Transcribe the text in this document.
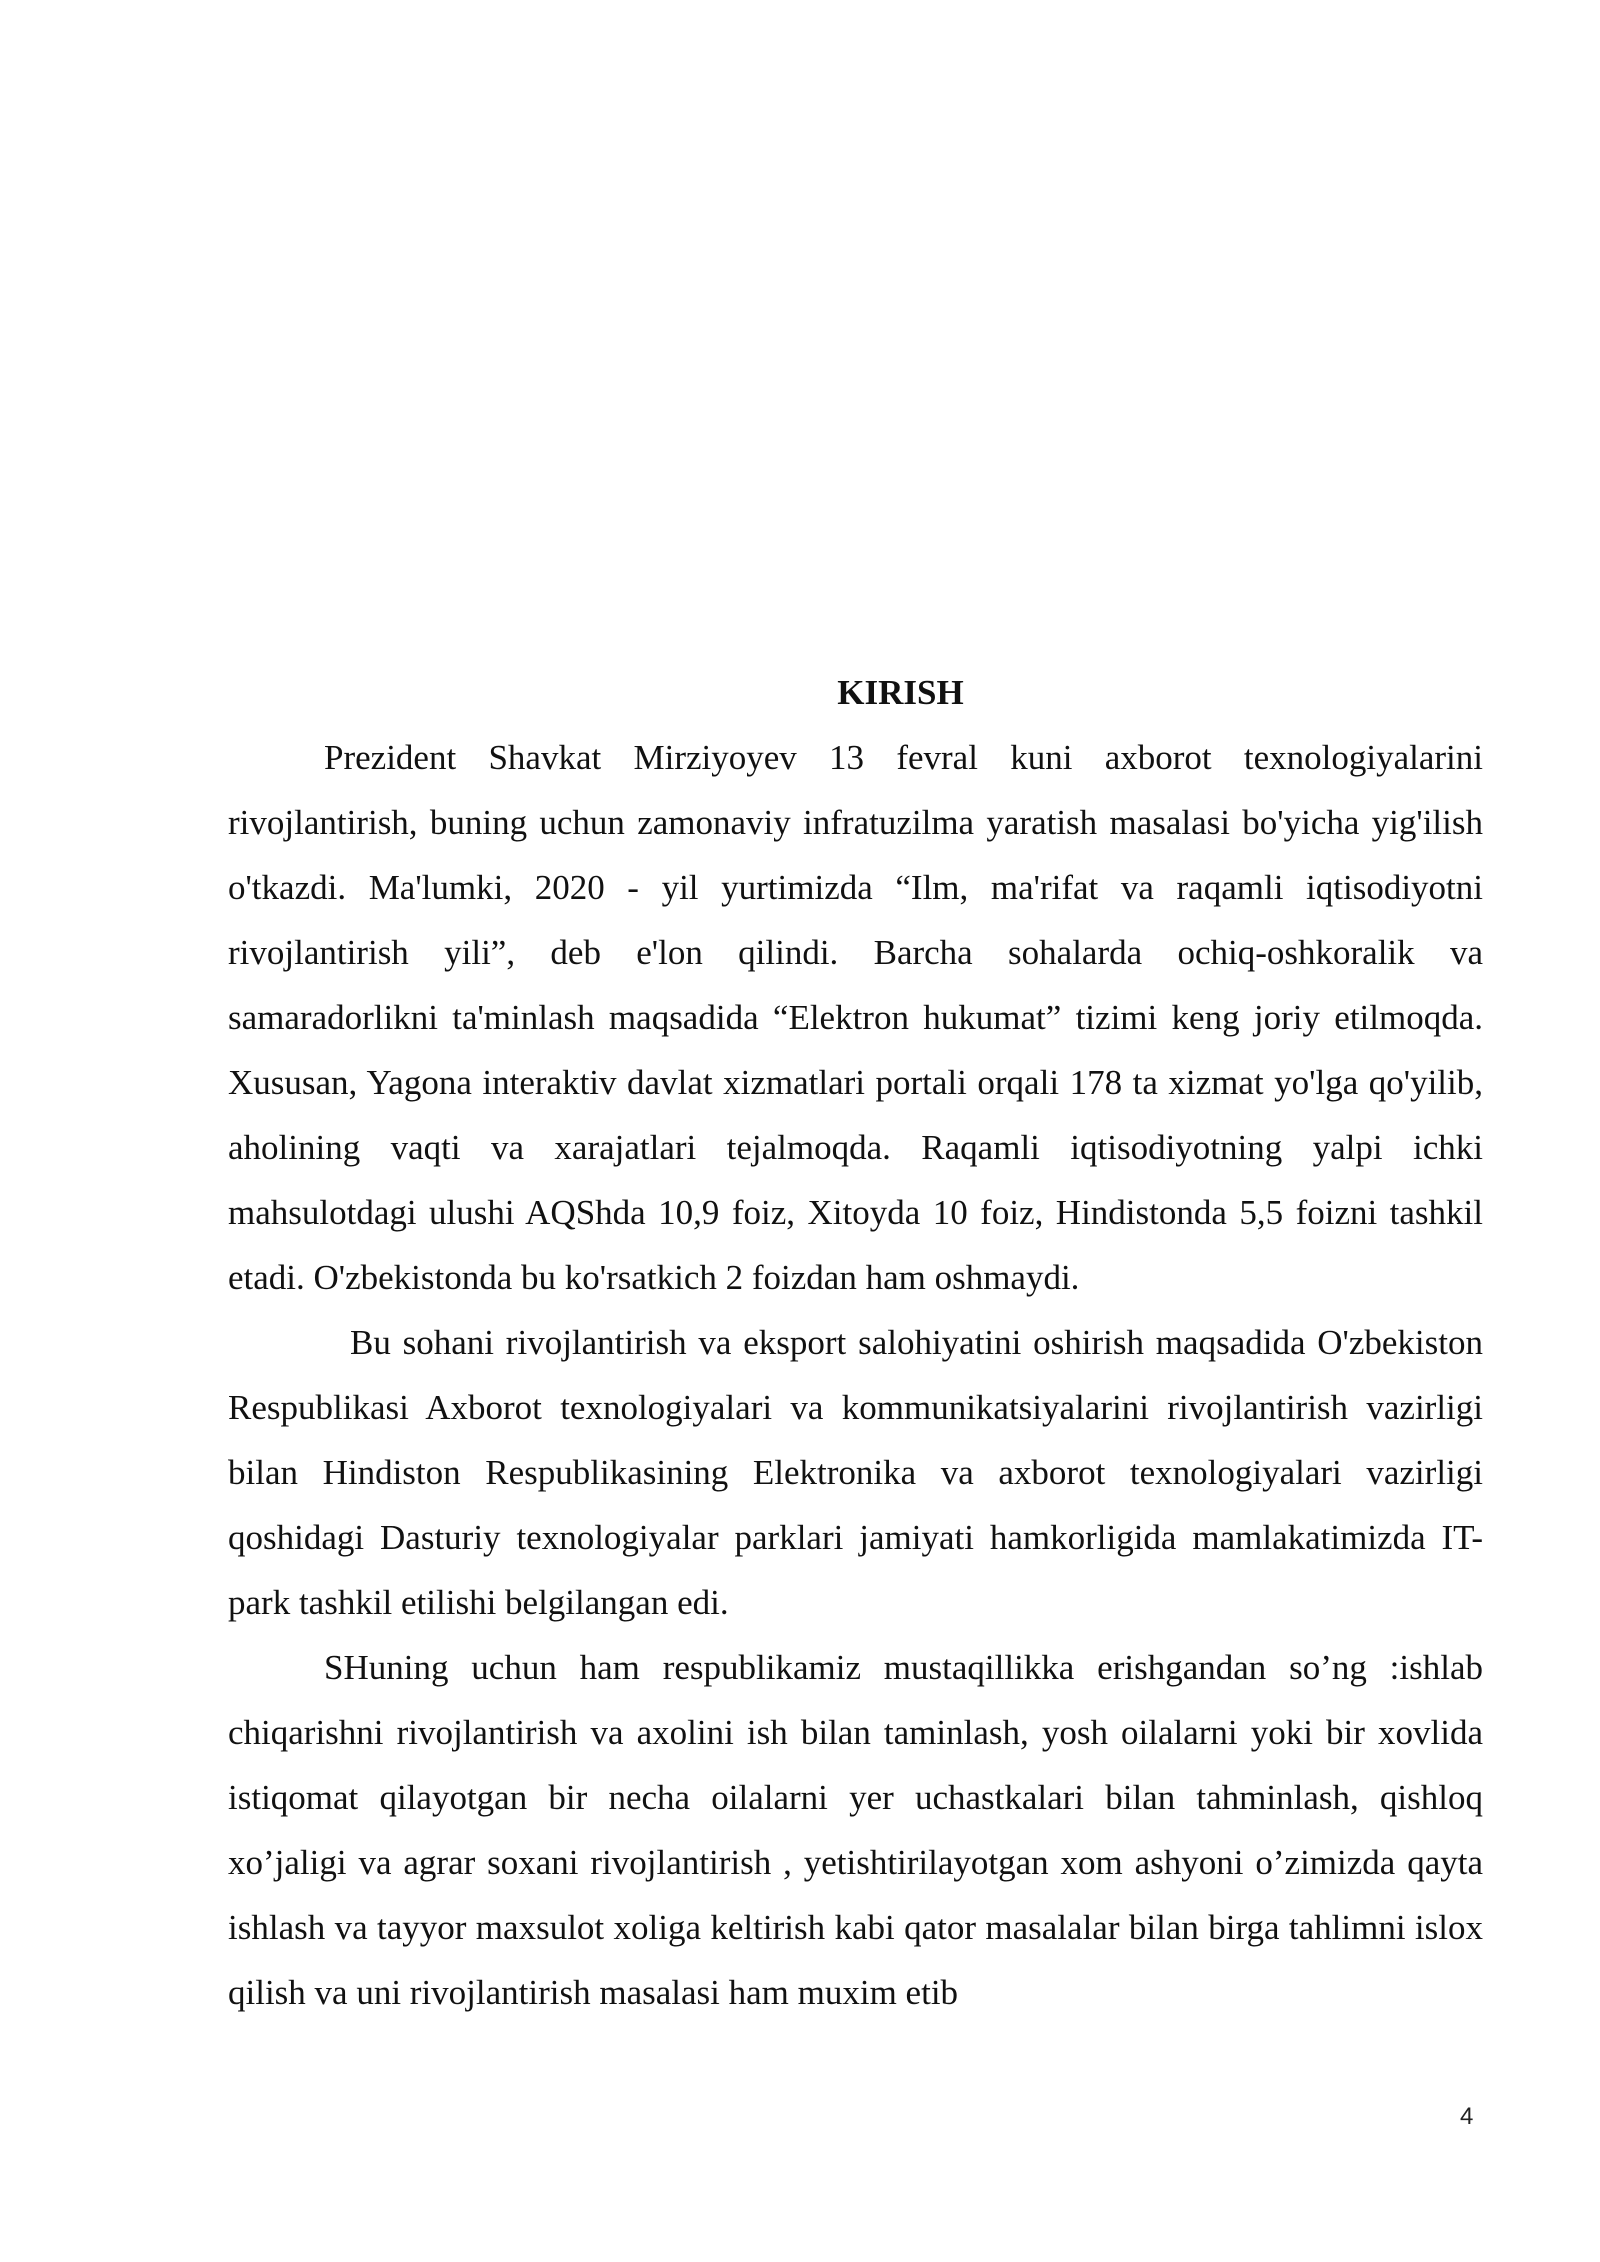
KIRISH

Prezident Shavkat Mirziyoyev 13 fevral kuni axborot texnologiyalarini rivojlantirish, buning uchun zamonaviy infratuzilma yaratish masalasi bo'yicha yig'ilish o'tkazdi. Ma'lumki, 2020 - yil yurtimizda “Ilm, ma'rifat va raqamli iqtisodiyotni rivojlantirish yili”, deb e'lon qilindi. Barcha sohalarda ochiq-oshkoralik va samaradorlikni ta'minlash maqsadida “Elektron hukumat” tizimi keng joriy etilmoqda. Xususan, Yagona interaktiv davlat xizmatlari portali orqali 178 ta xizmat yo'lga qo'yilib, aholining vaqti va xarajatlari tejalmoqda. Raqamli iqtisodiyotning yalpi ichki mahsulotdagi ulushi AQShda 10,9 foiz, Xitoyda 10 foiz, Hindistonda 5,5 foizni tashkil etadi. O'zbekistonda bu ko'rsatkich 2 foizdan ham oshmaydi.

Bu sohani rivojlantirish va eksport salohiyatini oshirish maqsadida O'zbekiston Respublikasi Axborot texnologiyalari va kommunikatsiyalarini rivojlantirish vazirligi bilan Hindiston Respublikasining Elektronika va axborot texnologiyalari vazirligi qoshidagi Dasturiy texnologiyalar parklari jamiyati hamkorligida mamlakatimizda IT-park tashkil etilishi belgilangan edi.

SHuning uchun ham respublikamiz mustaqillikka erishgandan so’ng :ishlab chiqarishni rivojlantirish va axolini ish bilan taminlash, yosh oilalarni yoki bir xovlida istiqomat qilayotgan bir necha oilalarni yer uchastkalari bilan tahminlash, qishloq xo’jaligi va agrar soxani rivojlantirish , yetishtirilayotgan xom ashyoni o’zimizda qayta ishlash va tayyor maxsulot xoliga keltirish kabi qator masalalar bilan birga tahlimni islox qilish va uni rivojlantirish masalasi ham muxim etib

4
